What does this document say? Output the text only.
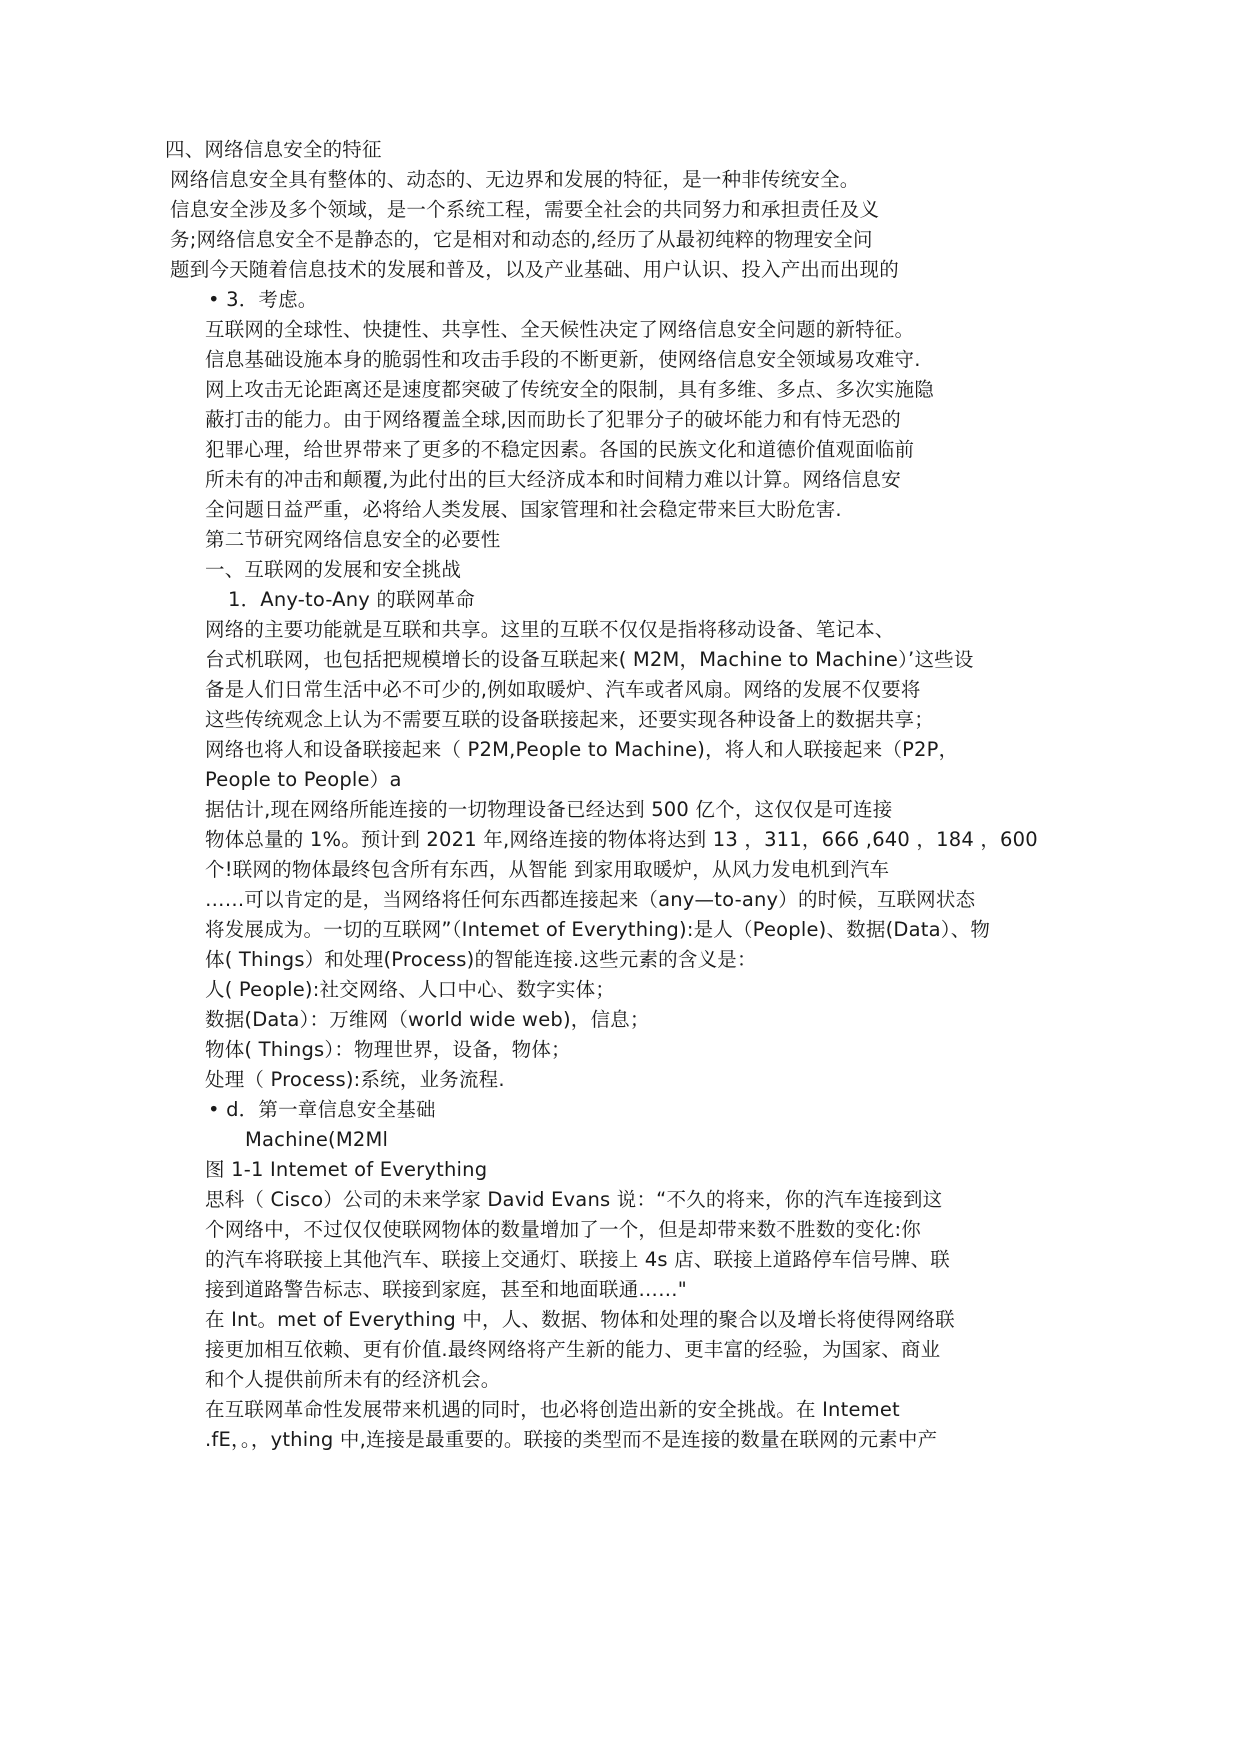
四、网络信息安全的特征
网络信息安全具有整体的、动态的、无边界和发展的特征，是一种非传统安全。
信息安全涉及多个领域，是一个系统工程，需要全社会的共同努力和承担责任及义
务;网络信息安全不是静态的，它是相对和动态的,经历了从最初纯粹的物理安全问
题到今天随着信息技术的发展和普及，以及产业基础、用户认识、投入产出而出现的
• 3．考虑。
互联网的全球性、快捷性、共享性、全天候性决定了网络信息安全问题的新特征。
信息基础设施本身的脆弱性和攻击手段的不断更新，使网络信息安全领域易攻难守.
网上攻击无论距离还是速度都突破了传统安全的限制，具有多维、多点、多次实施隐
蔽打击的能力。由于网络覆盖全球,因而助长了犯罪分子的破坏能力和有恃无恐的
犯罪心理，给世界带来了更多的不稳定因素。各国的民族文化和道德价值观面临前
所未有的冲击和颠覆,为此付出的巨大经济成本和时间精力难以计算。网络信息安
全问题日益严重，必将给人类发展、国家管理和社会稳定带来巨大盼危害.
第二节研究网络信息安全的必要性
一、互联网的发展和安全挑战
1．Any-to-Any 的联网革命
网络的主要功能就是互联和共享。这里的互联不仅仅是指将移动设备、笔记本、
台式机联网，也包括把规模增长的设备互联起来( M2M，Machine to Machine）’这些设
备是人们日常生活中必不可少的,例如取暖炉、汽车或者风扇。网络的发展不仅要将
这些传统观念上认为不需要互联的设备联接起来，还要实现各种设备上的数据共享；
网络也将人和设备联接起来（ P2M,People to Machine)，将人和人联接起来（P2P，
People to People）a
据估计,现在网络所能连接的一切物理设备已经达到 500 亿个，这仅仅是可连接
物体总量的 1%。预计到 2021 年,网络连接的物体将达到 13 ，311，666 ,640 ，184 ，600
个!联网的物体最终包含所有东西，从智能 到家用取暖炉，从风力发电机到汽车
……可以肯定的是，当网络将任何东西都连接起来（any—to-any）的时候，互联网状态
将发展成为。一切的互联网”（Intemet of Everything):是人（People)、数据(Data）、物
体( Things）和处理(Process)的智能连接.这些元素的含义是：
人( People):社交网络、人口中心、数字实体；
数据(Data）：万维网（world wide web)，信息；
物体( Things）：物理世界，设备，物体；
处理（ Process):系统，业务流程.
• d．第一章信息安全基础
Machine(M2Ml
图 1-1 Intemet of Everything
思科（ Cisco）公司的未来学家 David Evans 说：“不久的将来，你的汽车连接到这
个网络中，不过仅仅使联网物体的数量增加了一个，但是却带来数不胜数的变化:你
的汽车将联接上其他汽车、联接上交通灯、联接上 4s 店、联接上道路停车信号牌、联
接到道路警告标志、联接到家庭，甚至和地面联通……"
在 Int。met of Everything 中，人、数据、物体和处理的聚合以及增长将使得网络联
接更加相互依赖、更有价值.最终网络将产生新的能力、更丰富的经验，为国家、商业
和个人提供前所未有的经济机会。
在互联网革命性发展带来机遇的同时，也必将创造出新的安全挑战。在 Intemet
.fE，。，ything 中,连接是最重要的。联接的类型而不是连接的数量在联网的元素中产
